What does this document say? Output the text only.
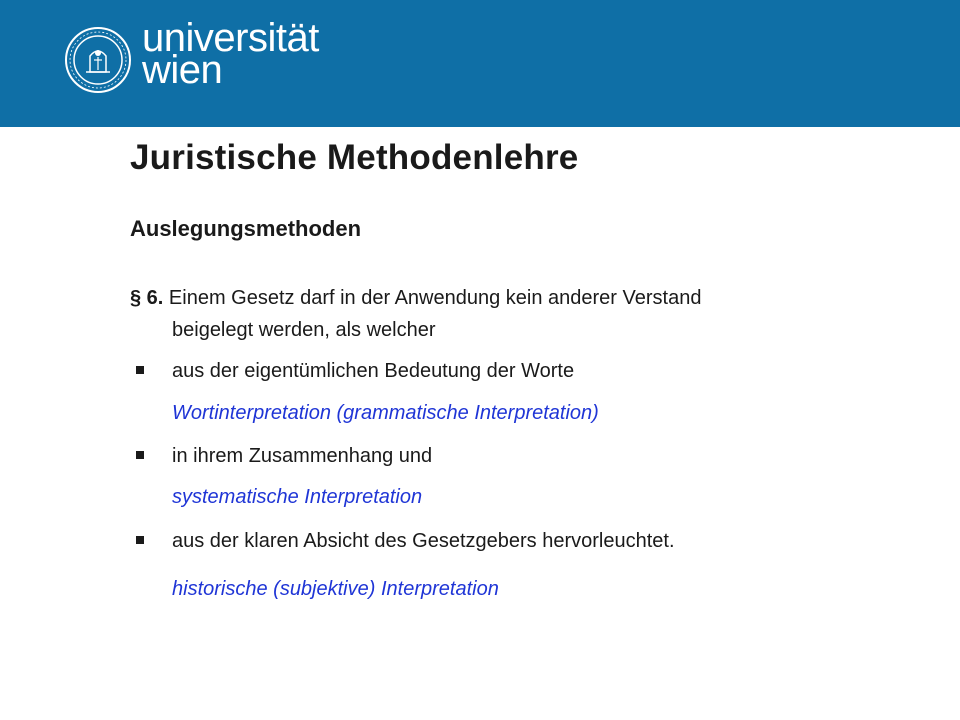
universität
wien
Juristische Methodenlehre
Auslegungsmethoden
§ 6. Einem Gesetz darf in der Anwendung kein anderer Verstand
beigelegt werden, als welcher
aus der eigentümlichen Bedeutung der Worte
Wortinterpretation (grammatische Interpretation)
in ihrem Zusammenhang und
systematische Interpretation
aus der klaren Absicht des Gesetzgebers hervorleuchtet.
historische (subjektive) Interpretation
